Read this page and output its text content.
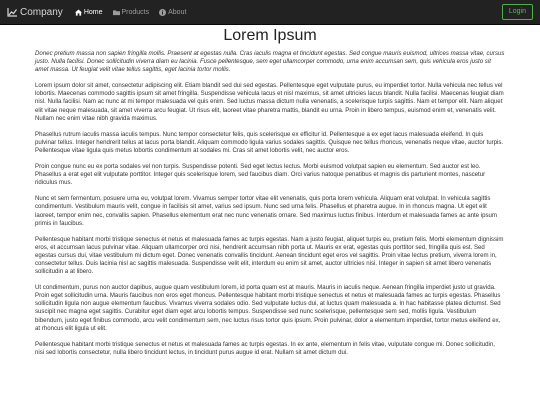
Company	Home	Products	About	Login
Lorem Ipsum

Donec pretium massa non sapien fringilla mollis. Praesent at egestas nulla. Cras iaculis magna et tincidunt egestas. Sed congue mauris euismod, ultrices massa vitae, cursus justo. Nulla facilisi. Donec sollicitudin viverra diam eu lacinia. Fusce pellentesque, sem eget ullamcorper commodo, urna enim accumsan sem, quis vehicula eros justo sit amet massa. Ut feugiat velit vitae tellus sagittis, eget lacinia tortor mollis.

Lorem ipsum dolor sit amet, consectetur adipiscing elit. Etiam blandit sed dui sed egestas. Pellentesque eget vulputate purus, eu imperdiet tortor. Nulla vehicula nec tellus vel lobortis. Maecenas commodo sagittis ipsum sit amet fringilla. Suspendisse vehicula lacus et nisl maximus, sit amet ultricies lacus blandit. Nulla facilisi. Maecenas feugiat diam nisl. Nulla facilisi. Nam ac nunc at mi tempor malesuada vel quis enim. Sed luctus massa dictum nulla venenatis, a scelerisque turpis sagittis. Nam et tempor elit. Nam aliquet elit vitae neque malesuada, sit amet viverra arcu feugiat. Ut risus elit, laoreet vitae pharetra mattis, blandit eu urna. Proin in libero tempus, euismod enim et, venenatis velit. Nullam nec enim vitae nibh gravida maximus.

Phasellus rutrum iaculis massa iaculis tempus. Nunc tempor consectetur felis, quis scelerisque ex efficitur id. Pellentesque a ex eget lacus malesuada eleifend. In quis pulvinar tellus. Integer hendrerit tellus at lacus porta blandit. Aliquam commodo ligula varius sodales sagittis. Quisque nec tellus rhoncus, venenatis neque vitae, auctor turpis. Pellentesque vitae ligula quis metus lobortis condimentum at sodales mi. Cras sit amet lobortis velit, nec auctor eros.

Proin congue nunc eu ex porta sodales vel non turpis. Suspendisse potenti. Sed eget lectus lectus. Morbi euismod volutpat sapien eu elementum. Sed auctor est leo. Phasellus a erat eget elit vulputate porttitor. Integer quis scelerisque lorem, sed faucibus diam. Orci varius natoque penatibus et magnis dis parturient montes, nascetur ridiculus mus.

Nunc et sem fermentum, posuere urna eu, volutpat lorem. Vivamus semper tortor vitae elit venenatis, quis porta lorem vehicula. Aliquam erat volutpat. In vehicula sagittis condimentum. Vestibulum mauris velit, congue in facilisis sit amet, varius sed ipsum. Nunc sed urna felis. Phasellus et pharetra augue. In in rhoncus magna. Ut eget elit laoreet, tempor enim nec, convallis sapien. Phasellus elementum erat nec nunc venenatis ornare. Sed maximus luctus finibus. Interdum et malesuada fames ac ante ipsum primis in faucibus.

Pellentesque habitant morbi tristique senectus et netus et malesuada fames ac turpis egestas. Nam a justo feugiat, aliquet turpis eu, pretium felis. Morbi elementum dignissim eros, et accumsan lacus pulvinar vitae. Aliquam ullamcorper orci nisi, hendrerit accumsan nibh porta ut. Mauris ex erat, egestas quis porttitor sed, fringilla quis est. Sed egestas cursus dui, vitae vestibulum mi dictum eget. Donec venenatis convallis tincidunt. Aenean tincidunt eget eros vel sagittis. Proin vitae lectus pretium, viverra lorem in, consectetur tellus. Duis lacinia nisl ac sagittis malesuada. Suspendisse velit elit, interdum eu enim sit amet, auctor ultricies nisi. Integer in sapien sit amet libero venenatis sollicitudin a at libero.

Ut condimentum, purus non auctor dapibus, augue quam vestibulum lorem, id porta quam est at mauris. Mauris in iaculis neque. Aenean fringilla imperdiet justo ut gravida. Proin eget sollicitudin urna. Mauris faucibus non eros eget rhoncus. Pellentesque habitant morbi tristique senectus et netus et malesuada fames ac turpis egestas. Phasellus sollicitudin ligula non augue elementum faucibus. Vivamus viverra sodales odio. Sed vulputate luctus dui, at luctus quam malesuada a. In hac habitasse platea dictumst. Sed suscipit nec magna eget sagittis. Curabitur eget diam eget arcu lobortis tempus. Suspendisse sed nunc scelerisque, pellentesque sem sed, mollis ligula. Vestibulum bibendum, justo eget finibus commodo, arcu velit condimentum sem, nec luctus risus tortor quis ipsum. Proin pulvinar, dolor a elementum imperdiet, tortor metus eleifend ex, at rhoncus elit ligula ut elit.

Pellentesque habitant morbi tristique senectus et netus et malesuada fames ac turpis egestas. In ex ante, elementum in felis vitae, vulputate congue mi. Donec sollicitudin, nisi sed lobortis consectetur, nulla libero tincidunt lectus, in tincidunt purus augue id erat. Nullam sit amet dictum dui.
